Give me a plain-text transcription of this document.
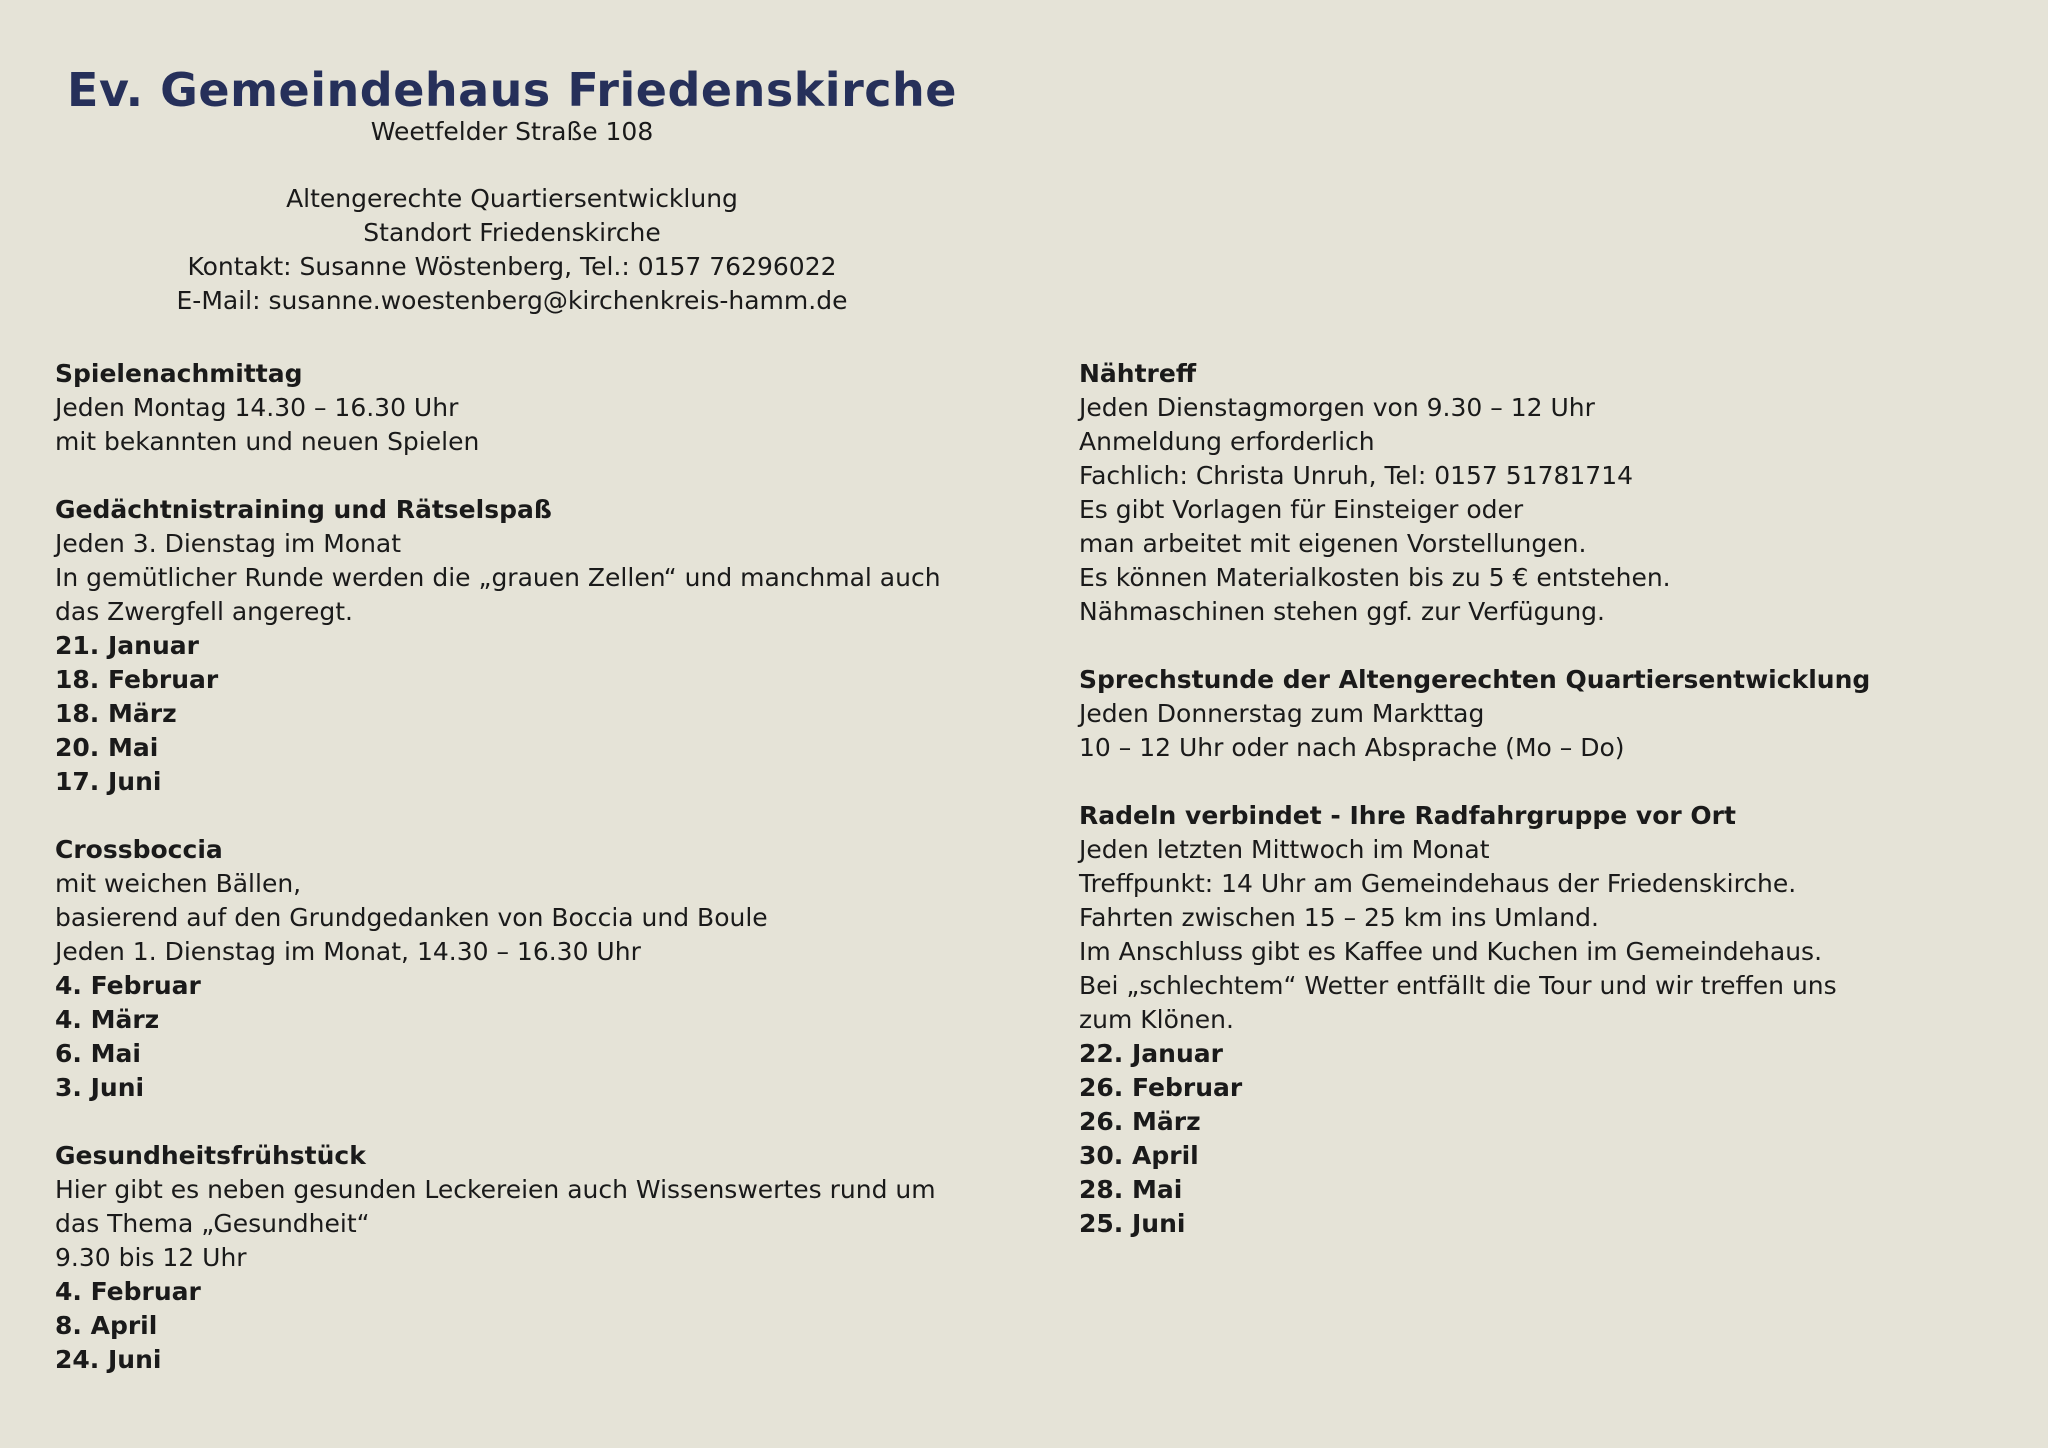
Ev. Gemeindehaus Friedenskirche
Weetfelder Straße 108
Altengerechte Quartiersentwicklung
Standort Friedenskirche
Kontakt: Susanne Wöstenberg, Tel.: 0157 76296022
E-Mail: susanne.woestenberg@kirchenkreis-hamm.de
Spielenachmittag
Jeden Montag 14.30 – 16.30 Uhr
mit bekannten und neuen Spielen
Gedächtnistraining und Rätselspaß
Jeden 3. Dienstag im Monat
In gemütlicher Runde werden die „grauen Zellen“ und manchmal auch
das Zwergfell angeregt.
21. Januar
18. Februar
18. März
20. Mai
17. Juni
Crossboccia
mit weichen Bällen,
basierend auf den Grundgedanken von Boccia und Boule
Jeden 1. Dienstag im Monat, 14.30 – 16.30 Uhr
4. Februar
4. März
6. Mai
3. Juni
Gesundheitsfrühstück
Hier gibt es neben gesunden Leckereien auch Wissenswertes rund um
das Thema „Gesundheit“
9.30 bis 12 Uhr
4. Februar
8. April
24. Juni
Nähtreff
Jeden Dienstagmorgen von 9.30 – 12 Uhr
Anmeldung erforderlich
Fachlich: Christa Unruh, Tel: 0157 51781714
Es gibt Vorlagen für Einsteiger oder
man arbeitet mit eigenen Vorstellungen.
Es können Materialkosten bis zu 5 € entstehen.
Nähmaschinen stehen ggf. zur Verfügung.
Sprechstunde der Altengerechten Quartiersentwicklung
Jeden Donnerstag zum Markttag
10 – 12 Uhr oder nach Absprache (Mo – Do)
Radeln verbindet - Ihre Radfahrgruppe vor Ort
Jeden letzten Mittwoch im Monat
Treffpunkt: 14 Uhr am Gemeindehaus der Friedenskirche.
Fahrten zwischen 15 – 25 km ins Umland.
Im Anschluss gibt es Kaffee und Kuchen im Gemeindehaus.
Bei „schlechtem“ Wetter entfällt die Tour und wir treffen uns
zum Klönen.
22. Januar
26. Februar
26. März
30. April
28. Mai
25. Juni
